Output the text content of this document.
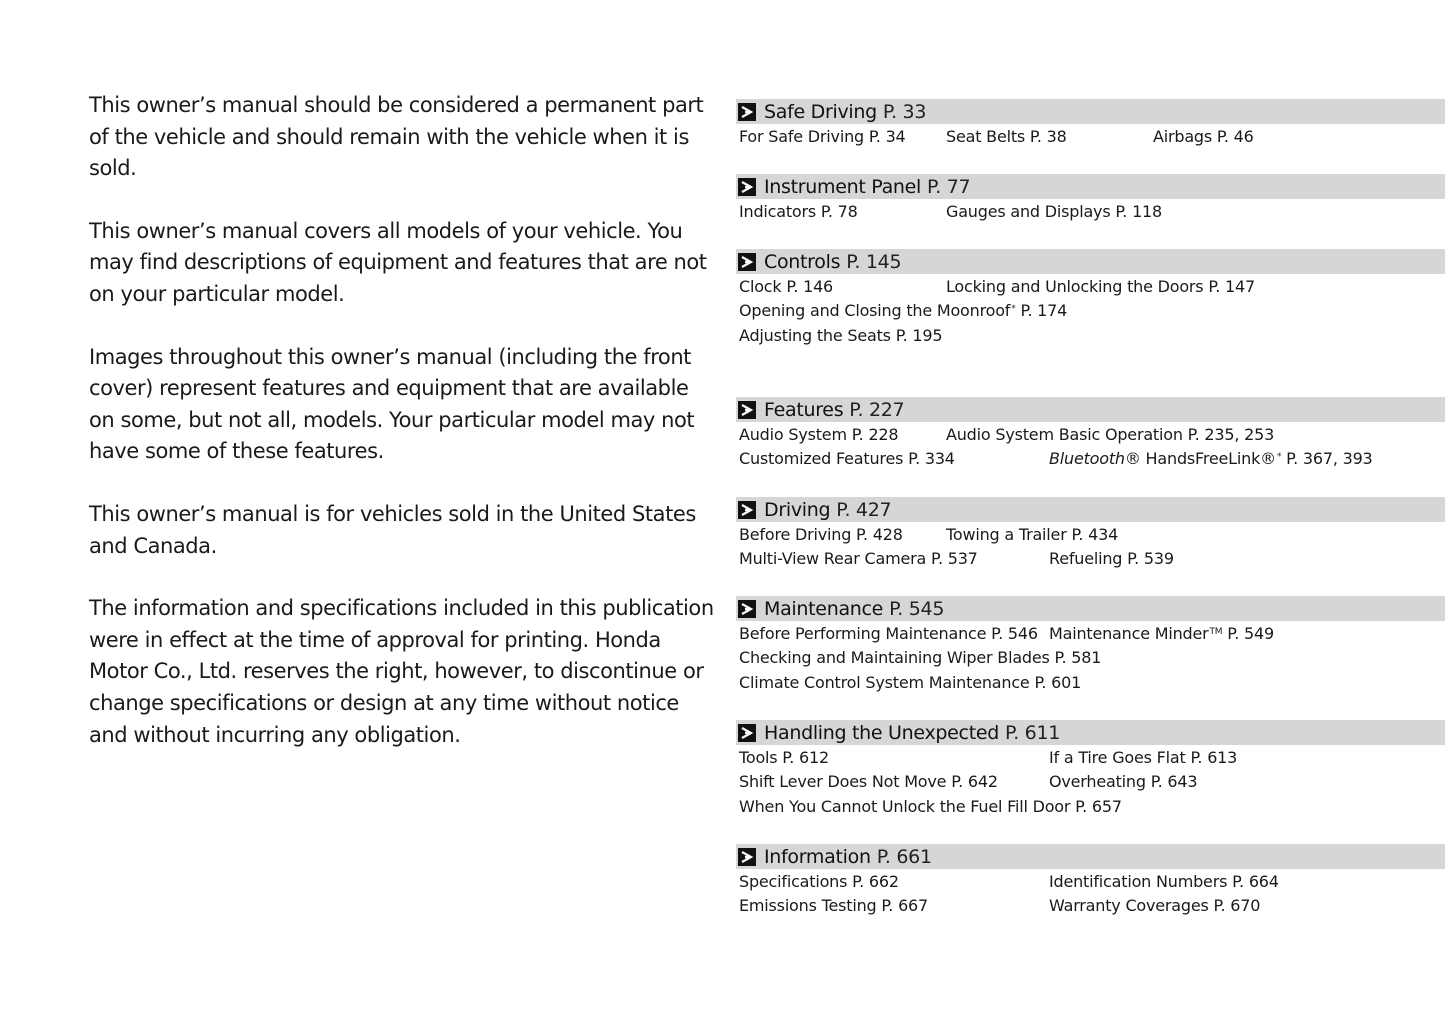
This owner’s manual should be considered a permanent part of the vehicle and should remain with the vehicle when it is sold.

This owner’s manual covers all models of your vehicle. You may find descriptions of equipment and features that are not on your particular model.

Images throughout this owner’s manual (including the front cover) represent features and equipment that are available on some, but not all, models. Your particular model may not have some of these features.

This owner’s manual is for vehicles sold in the United States and Canada.

The information and specifications included in this publication were in effect at the time of approval for printing. Honda Motor Co., Ltd. reserves the right, however, to discontinue or change specifications or design at any time without notice and without incurring any obligation.

Safe Driving P. 33
For Safe Driving P. 34	Seat Belts P. 38	Airbags P. 46
Instrument Panel P. 77
Indicators P. 78	Gauges and Displays P. 118
Controls P. 145
Clock P. 146	Locking and Unlocking the Doors P. 147
Opening and Closing the Moonroof* P. 174
Adjusting the Seats P. 195
Features P. 227
Audio System P. 228	Audio System Basic Operation P. 235, 253
Customized Features P. 334	Bluetooth® HandsFreeLink®* P. 367, 393
Driving P. 427
Before Driving P. 428	Towing a Trailer P. 434
Multi-View Rear Camera P. 537	Refueling P. 539
Maintenance P. 545
Before Performing Maintenance P. 546 Maintenance Minder™ P. 549
Checking and Maintaining Wiper Blades P. 581
Climate Control System Maintenance P. 601
Handling the Unexpected P. 611
Tools P. 612	If a Tire Goes Flat P. 613
Shift Lever Does Not Move P. 642	Overheating P. 643
When You Cannot Unlock the Fuel Fill Door P. 657
Information P. 661
Specifications P. 662	Identification Numbers P. 664
Emissions Testing P. 667	Warranty Coverages P. 670
